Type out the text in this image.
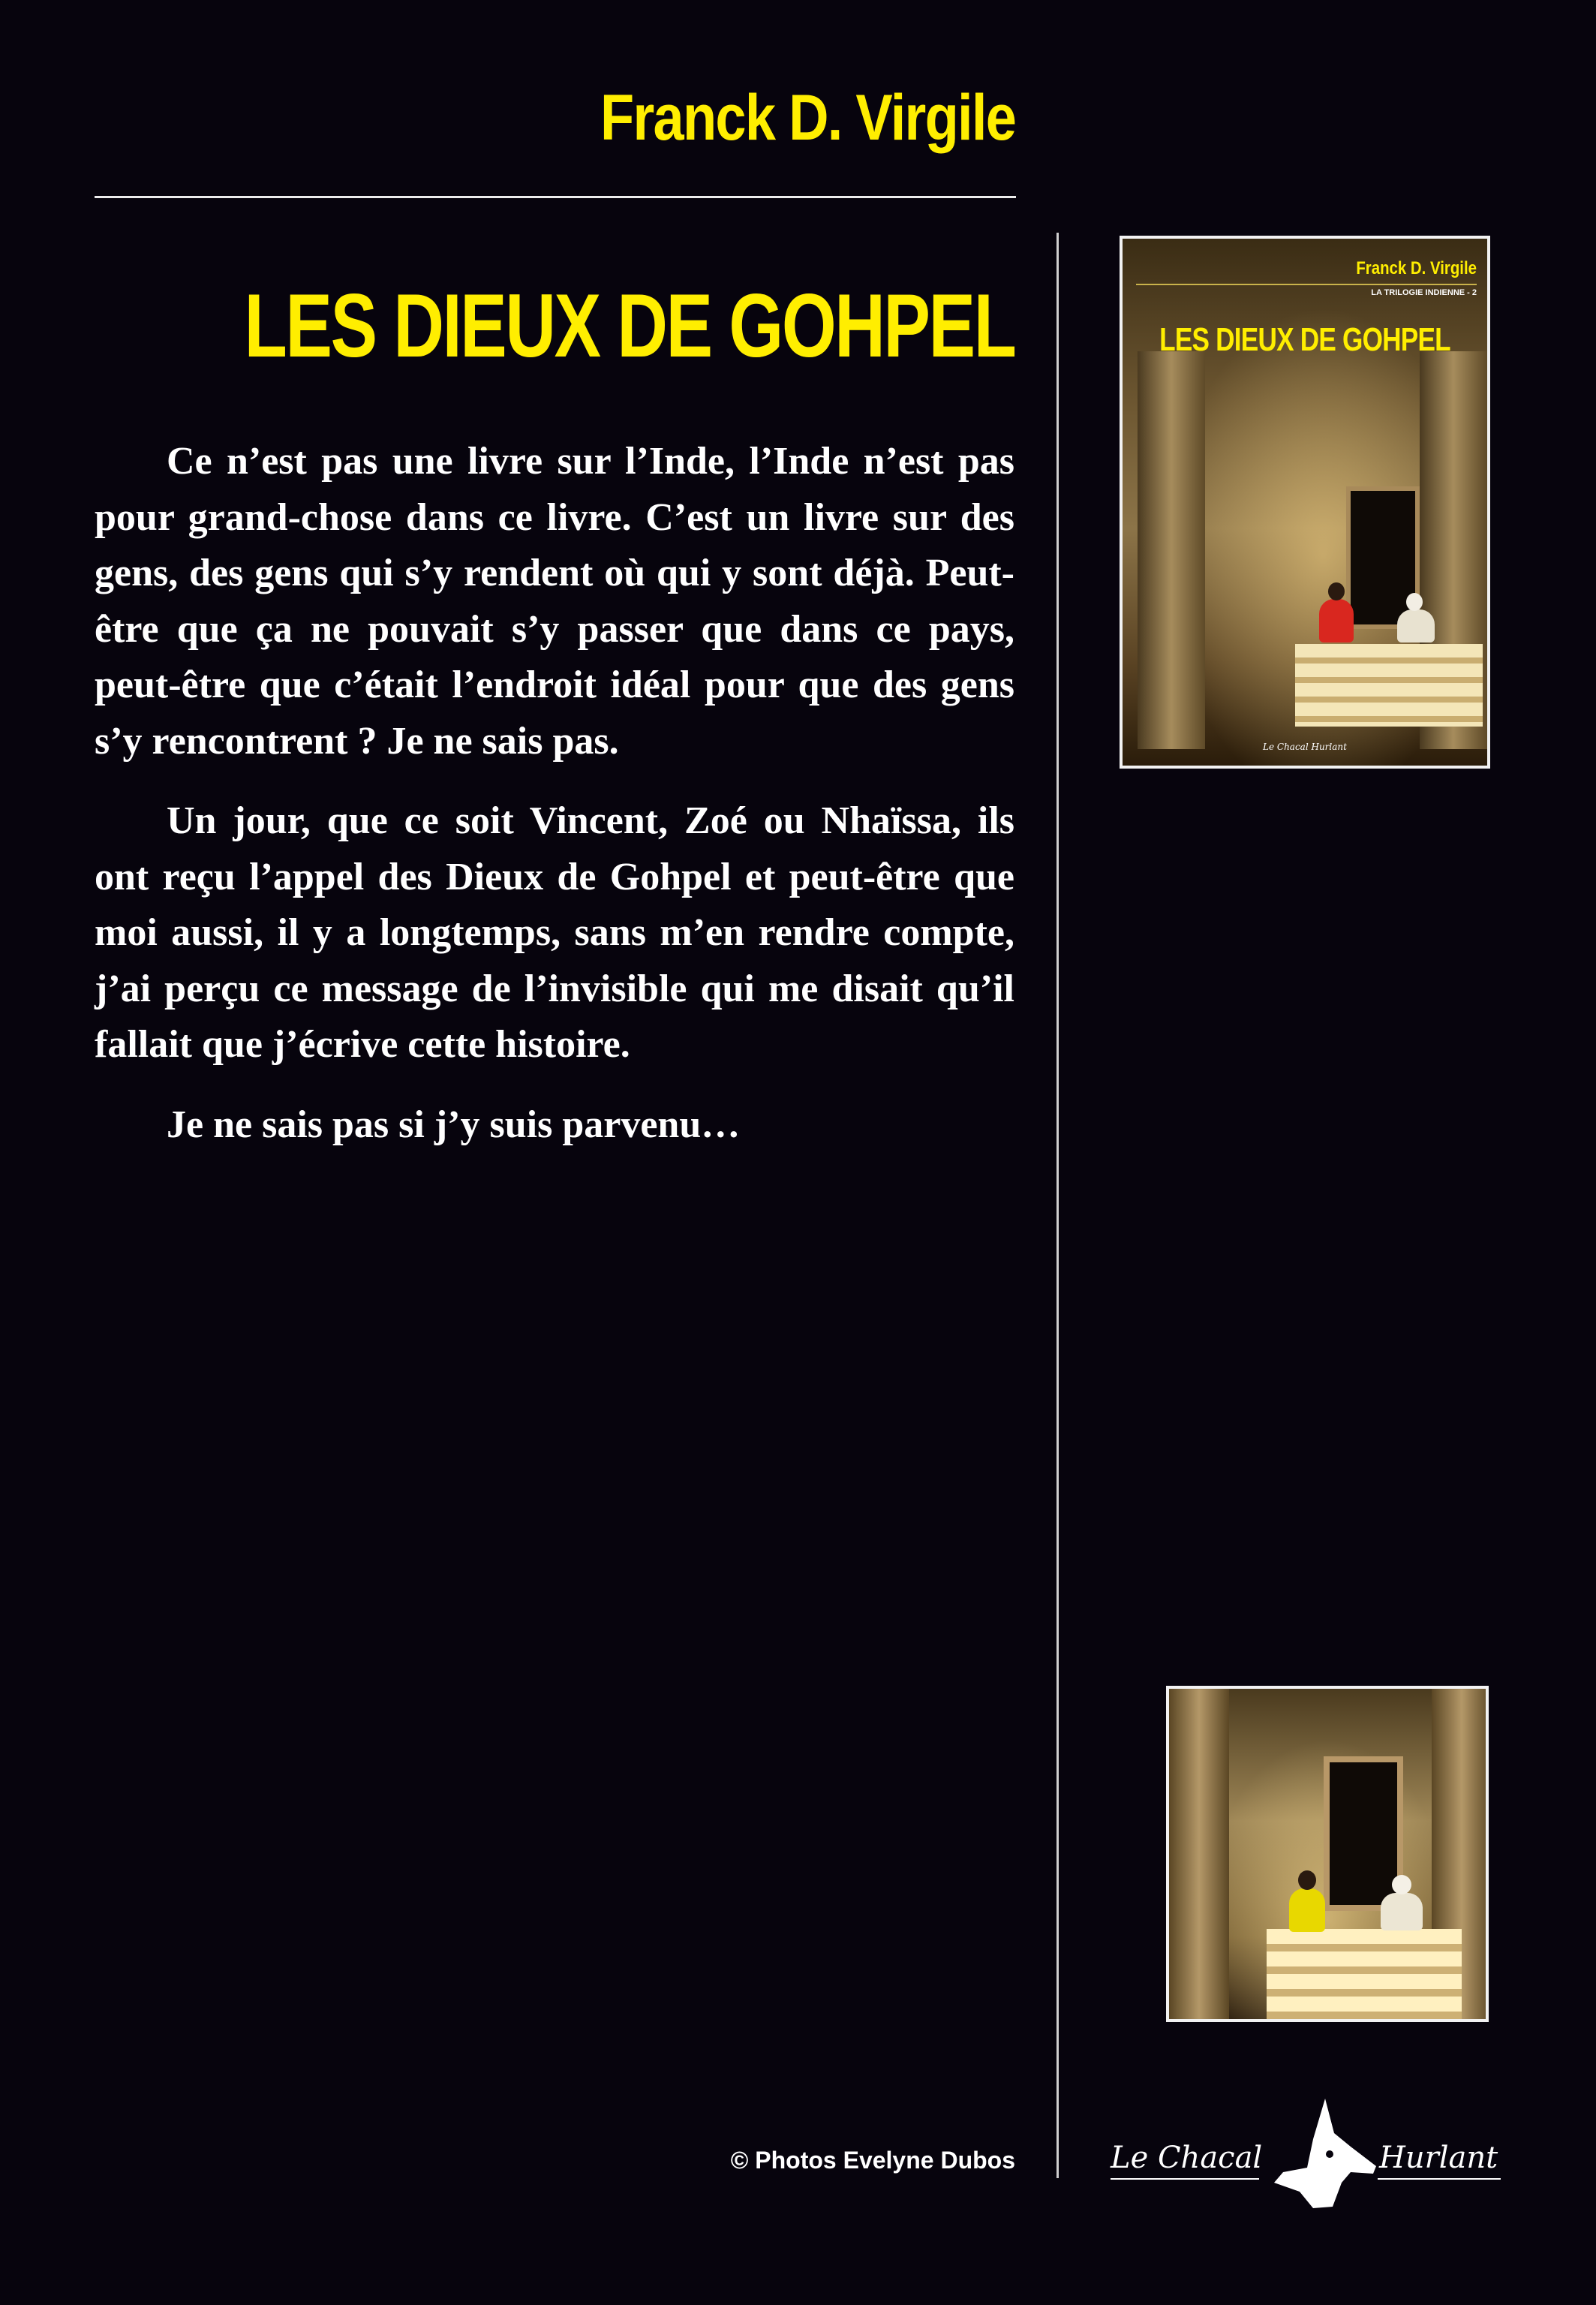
Franck D. Virgile
LES DIEUX DE GOHPEL

Ce n’est pas une livre sur l’Inde, l’Inde n’est pas pour grand-chose dans ce livre. C’est un livre sur des gens, des gens qui s’y rendent où qui y sont déjà. Peut-être que ça ne pouvait s’y passer que dans ce pays, peut-être que c’était l’endroit idéal pour que des gens s’y rencontrent ? Je ne sais pas.

Un jour, que ce soit Vincent, Zoé ou Nhaïssa, ils ont reçu l’appel des Dieux de Gohpel et peut-être que moi aussi, il y a longtemps, sans m’en rendre compte, j’ai perçu ce message de l’invisible qui me disait qu’il fallait que j’écrive cette histoire.

Je ne sais pas si j’y suis parvenu…

© Photos Evelyne Dubos
Franck D. Virgile
LA TRILOGIE INDIENNE - 2
LES DIEUX DE GOHPEL
Le Chacal Hurlant
Le Chacal	Hurlant
